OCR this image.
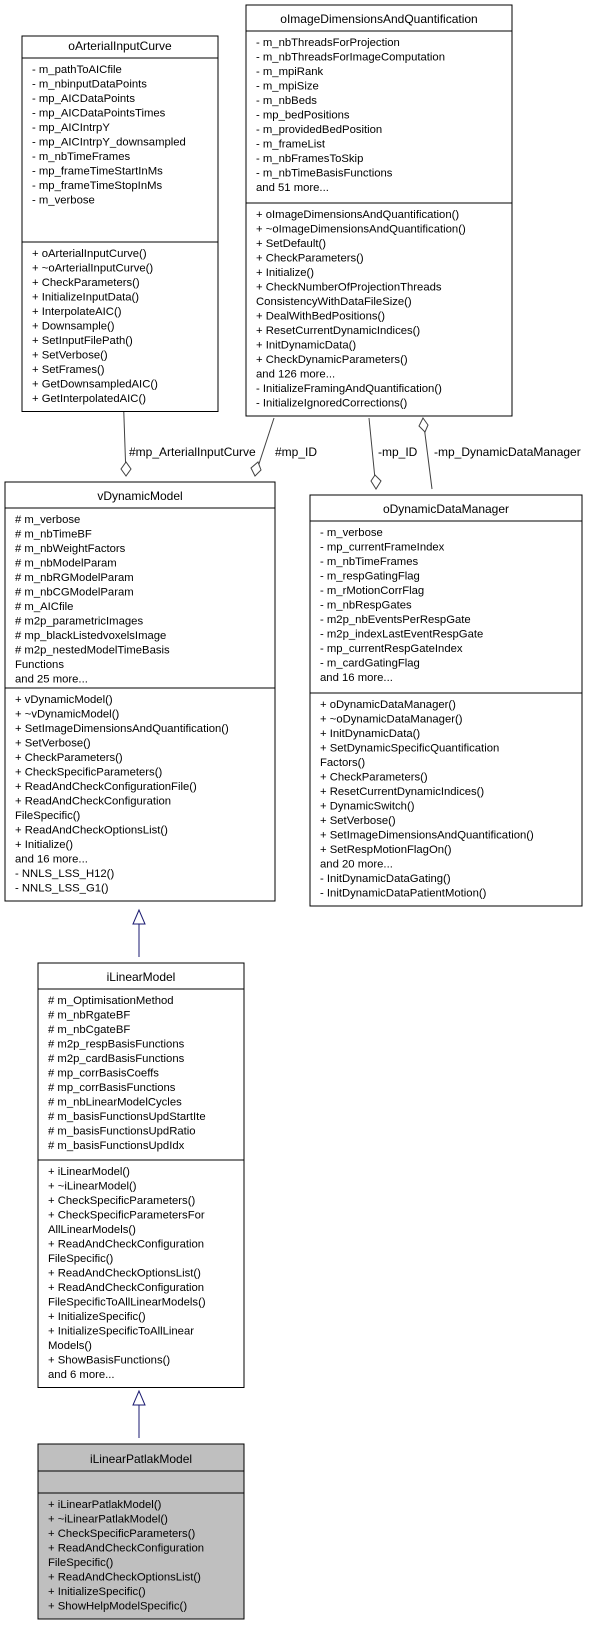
#mp_ArterialInputCurve #mp_ID	-mp_ID -mp_DynamicDataManager
oArterialInputCurve
- m_pathToAICfile
- m_nbinputDataPoints
- mp_AICDataPoints
- mp_AICDataPointsTimes
- mp_AICIntrpY
- mp_AICIntrpY_downsampled
- m_nbTimeFrames
- mp_frameTimeStartInMs
- mp_frameTimeStopInMs
- m_verbose
+ oArterialInputCurve()
+ ~oArterialInputCurve()
+ CheckParameters()
+ InitializeInputData()
+ InterpolateAIC()
+ Downsample()
+ SetInputFilePath()
+ SetVerbose()
+ SetFrames()
+ GetDownsampledAIC()
+ GetInterpolatedAIC()
oImageDimensionsAndQuantification
- m_nbThreadsForProjection
- m_nbThreadsForImageComputation
- m_mpiRank
- m_mpiSize
- m_nbBeds
- mp_bedPositions
- m_providedBedPosition
- m_frameList
- m_nbFramesToSkip
- m_nbTimeBasisFunctions
and 51 more...
+ oImageDimensionsAndQuantification()
+ ~oImageDimensionsAndQuantification()
+ SetDefault()
+ CheckParameters()
+ Initialize()
+ CheckNumberOfProjectionThreads
ConsistencyWithDataFileSize()
+ DealWithBedPositions()
+ ResetCurrentDynamicIndices()
+ InitDynamicData()
+ CheckDynamicParameters()
and 126 more...
- InitializeFramingAndQuantification()
- InitializeIgnoredCorrections()
vDynamicModel
# m_verbose
# m_nbTimeBF
# m_nbWeightFactors
# m_nbModelParam
# m_nbRGModelParam
# m_nbCGModelParam
# m_AICfile
# m2p_parametricImages
# mp_blackListedvoxelsImage
# m2p_nestedModelTimeBasis
Functions
and 25 more...
+ vDynamicModel()
+ ~vDynamicModel()
+ SetImageDimensionsAndQuantification()
+ SetVerbose()
+ CheckParameters()
+ CheckSpecificParameters()
+ ReadAndCheckConfigurationFile()
+ ReadAndCheckConfiguration
FileSpecific()
+ ReadAndCheckOptionsList()
+ Initialize()
and 16 more...
- NNLS_LSS_H12()
- NNLS_LSS_G1()
oDynamicDataManager
- m_verbose
- mp_currentFrameIndex
- m_nbTimeFrames
- m_respGatingFlag
- m_rMotionCorrFlag
- m_nbRespGates
- m2p_nbEventsPerRespGate
- m2p_indexLastEventRespGate
- mp_currentRespGateIndex
- m_cardGatingFlag
and 16 more...
+ oDynamicDataManager()
+ ~oDynamicDataManager()
+ InitDynamicData()
+ SetDynamicSpecificQuantification
Factors()
+ CheckParameters()
+ ResetCurrentDynamicIndices()
+ DynamicSwitch()
+ SetVerbose()
+ SetImageDimensionsAndQuantification()
+ SetRespMotionFlagOn()
and 20 more...
- InitDynamicDataGating()
- InitDynamicDataPatientMotion()
iLinearModel
# m_OptimisationMethod
# m_nbRgateBF
# m_nbCgateBF
# m2p_respBasisFunctions
# m2p_cardBasisFunctions
# mp_corrBasisCoeffs
# mp_corrBasisFunctions
# m_nbLinearModelCycles
# m_basisFunctionsUpdStartIte
# m_basisFunctionsUpdRatio
# m_basisFunctionsUpdIdx
+ iLinearModel()
+ ~iLinearModel()
+ CheckSpecificParameters()
+ CheckSpecificParametersFor
AllLinearModels()
+ ReadAndCheckConfiguration
FileSpecific()
+ ReadAndCheckOptionsList()
+ ReadAndCheckConfiguration
FileSpecificToAllLinearModels()
+ InitializeSpecific()
+ InitializeSpecificToAllLinear
Models()
+ ShowBasisFunctions()
and 6 more...
iLinearPatlakModel
+ iLinearPatlakModel()
+ ~iLinearPatlakModel()
+ CheckSpecificParameters()
+ ReadAndCheckConfiguration
FileSpecific()
+ ReadAndCheckOptionsList()
+ InitializeSpecific()
+ ShowHelpModelSpecific()
